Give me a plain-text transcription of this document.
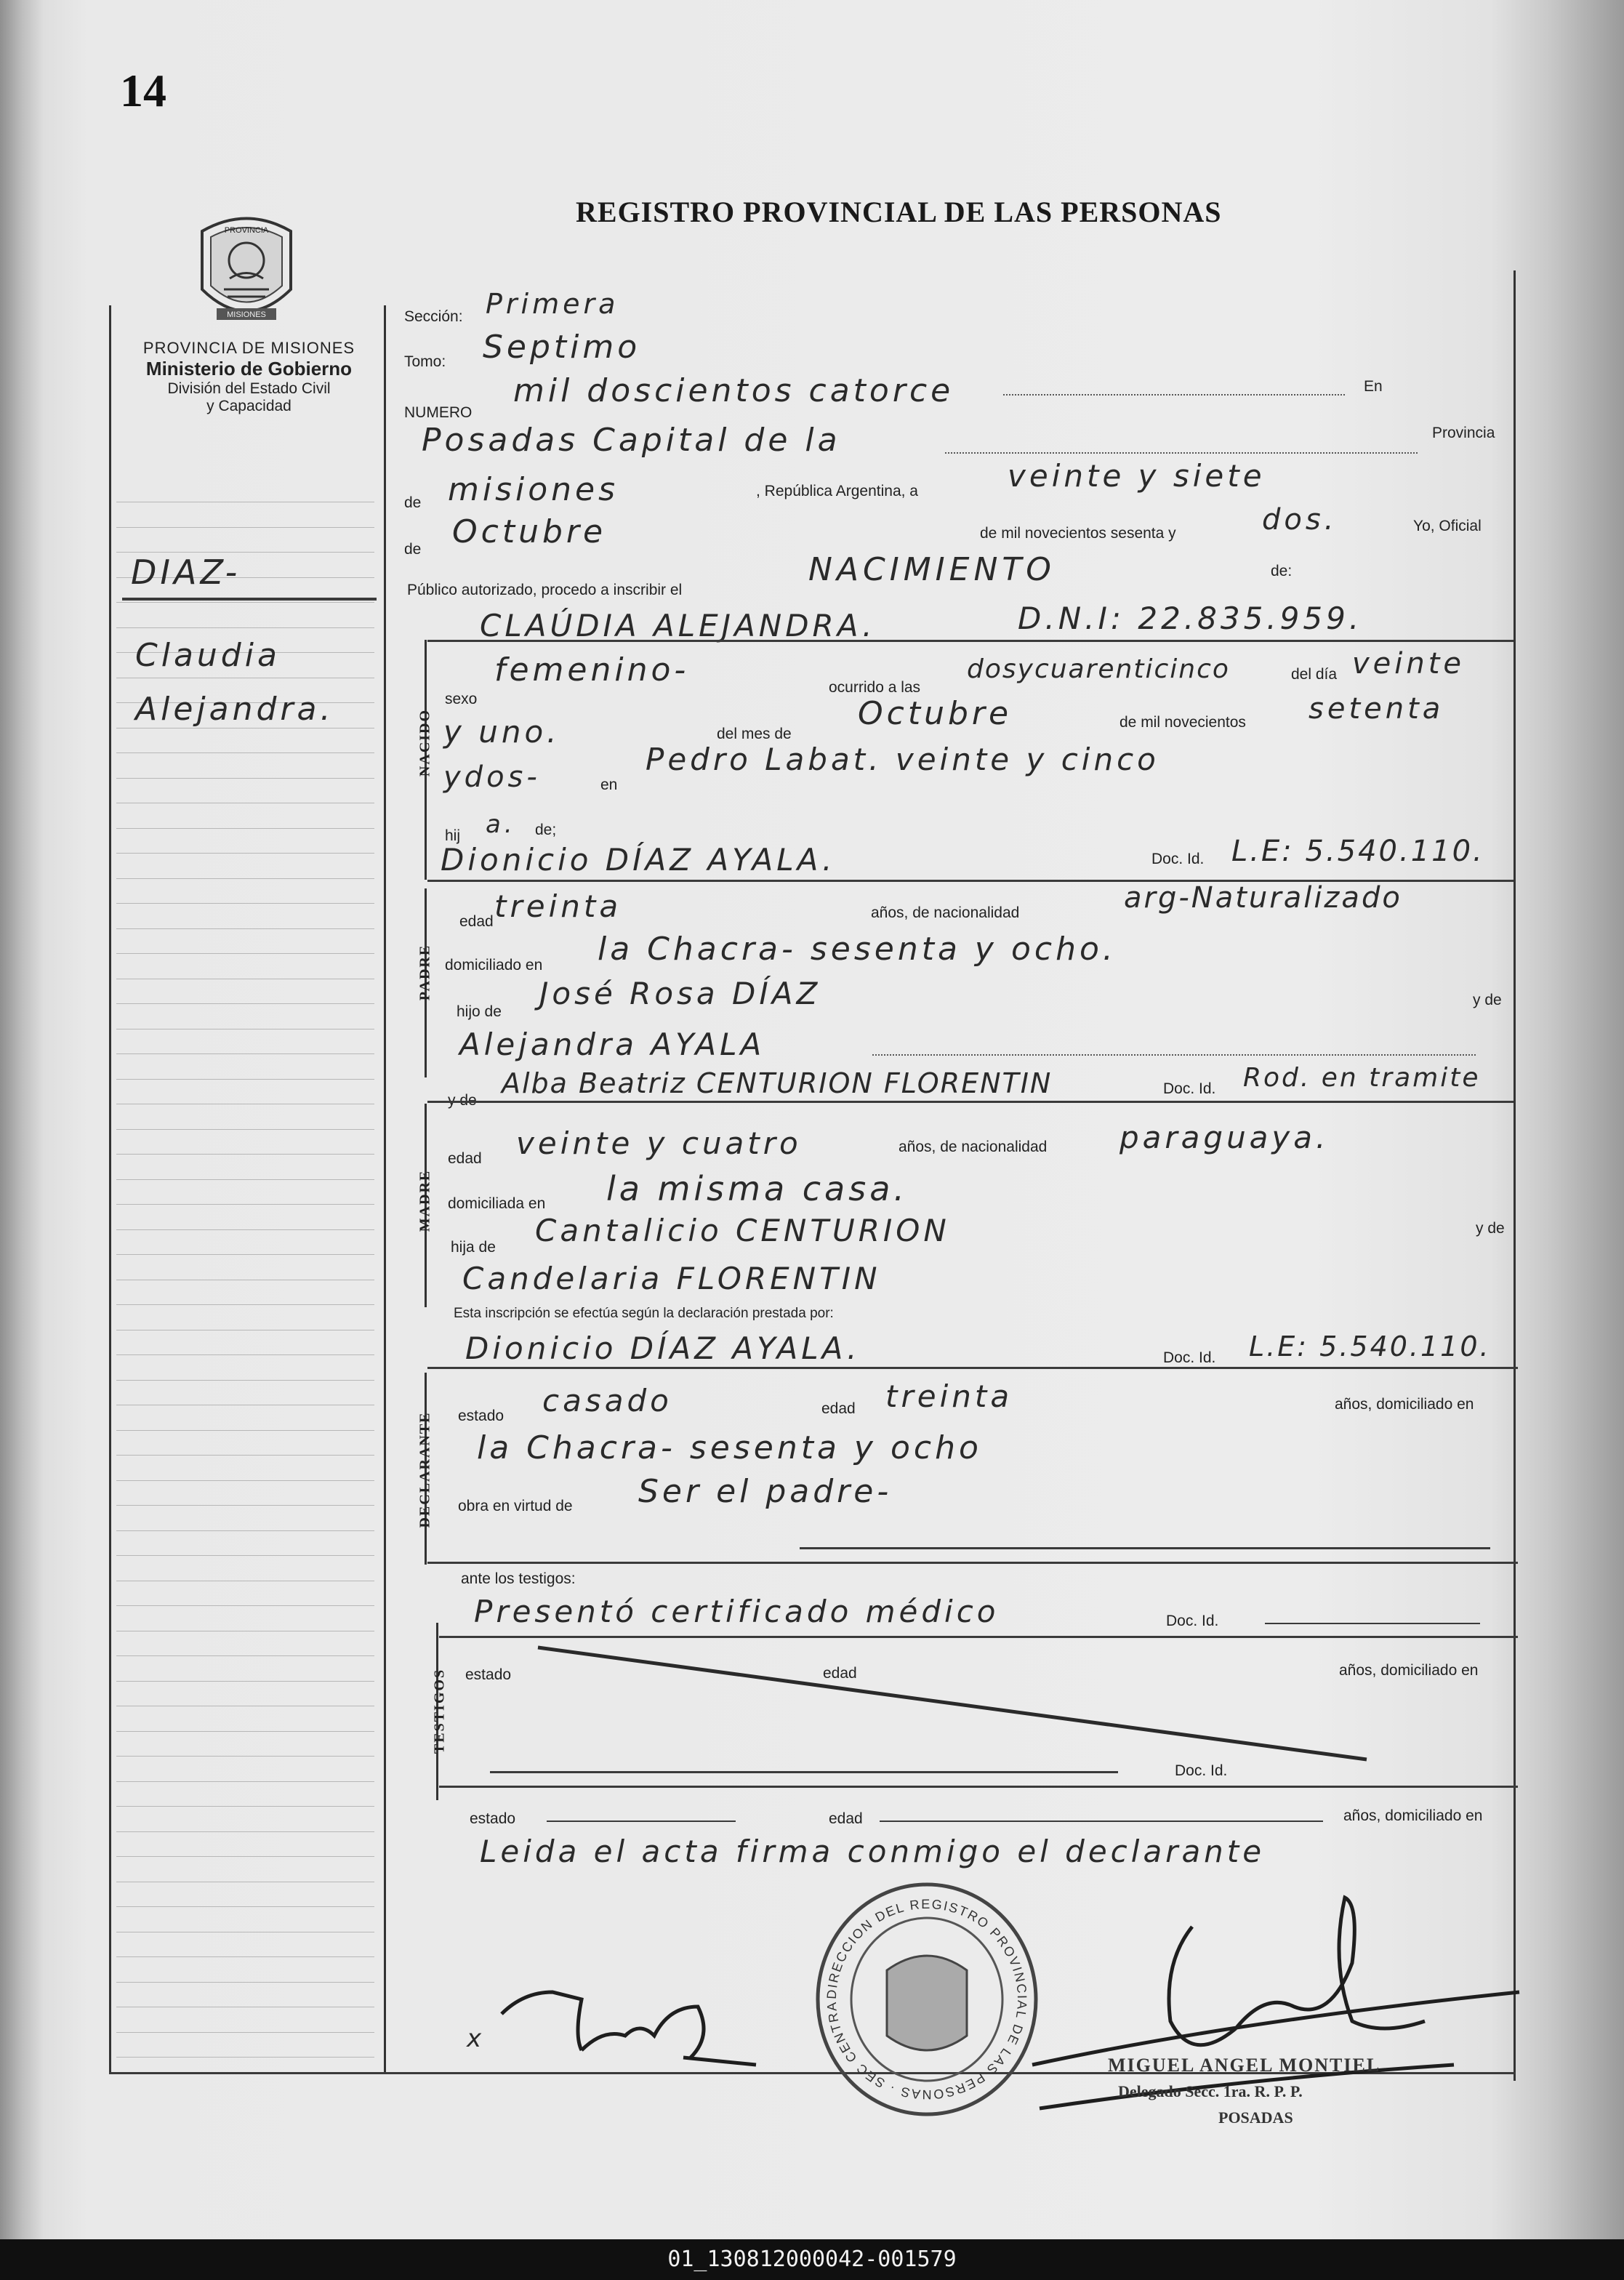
14
REGISTRO PROVINCIAL DE LAS PERSONAS
PROVINCIA
MISIONES
PROVINCIA DE MISIONES
Ministerio de Gobierno
División del Estado Civil
y Capacidad
DIAZ-
Claudia
Alejandra.	NACIDO
PADRE
MADRE
DECLARANTE
TESTIGOS
Sección: Primera
Tomo: Septimo
NUMERO
mil doscientos catorce	En
Posadas Capital de la	Provincia
de misiones	, República Argentina, a	veinte y siete
de Octubre	de mil novecientos sesenta y	dos.	Yo, Oficial
Público autorizado, procedo a inscribir el
NACIMIENTO	de:
CLAÚDIA ALEJANDRA.	D.N.I: 22.835.959.
sexo
femenino-	ocurrido a las
dosycuarenticinco	del día veinte
y uno.	del mes de
Octubre	de mil novecientos setenta
ydos-	en
Pedro Labat. veinte y cinco
hij a. de;
Dionicio DÍAZ AYALA.	Doc. Id. L.E: 5.540.110.
edad treinta	años, de nacionalidad	arg-Naturalizado
domiciliado en la Chacra- sesenta y ocho.
hijo de
José Rosa DÍAZ	y de
Alejandra AYALA
y de
Alba Beatriz CENTURION FLORENTIN	Doc. Id. Rod. en tramite
edad veinte y cuatro	años, de nacionalidad paraguaya.
domiciliada en la misma casa.
hija de Cantalicio CENTURION	y de
Candelaria FLORENTIN
Esta inscripción se efectúa según la declaración prestada por:
Dionicio DÍAZ AYALA.	Doc. Id. L.E: 5.540.110.
estado casado	edad treinta	años, domiciliado en
la Chacra- sesenta y ocho
obra en virtud de Ser el padre-
ante los testigos:
Presentó certificado médico	Doc. Id.
estado	edad	años, domiciliado en
Doc. Id.
estado	edad	años, domiciliado en
Leida el acta firma conmigo el declarante
x
DIRECCION DEL REGISTRO PROVINCIAL DE LAS PERSONAS · SEC CENTRA
MIGUEL ANGEL MONTIEL
Delegado Secc. 1ra. R. P. P.
POSADAS
01_130812000042-001579
